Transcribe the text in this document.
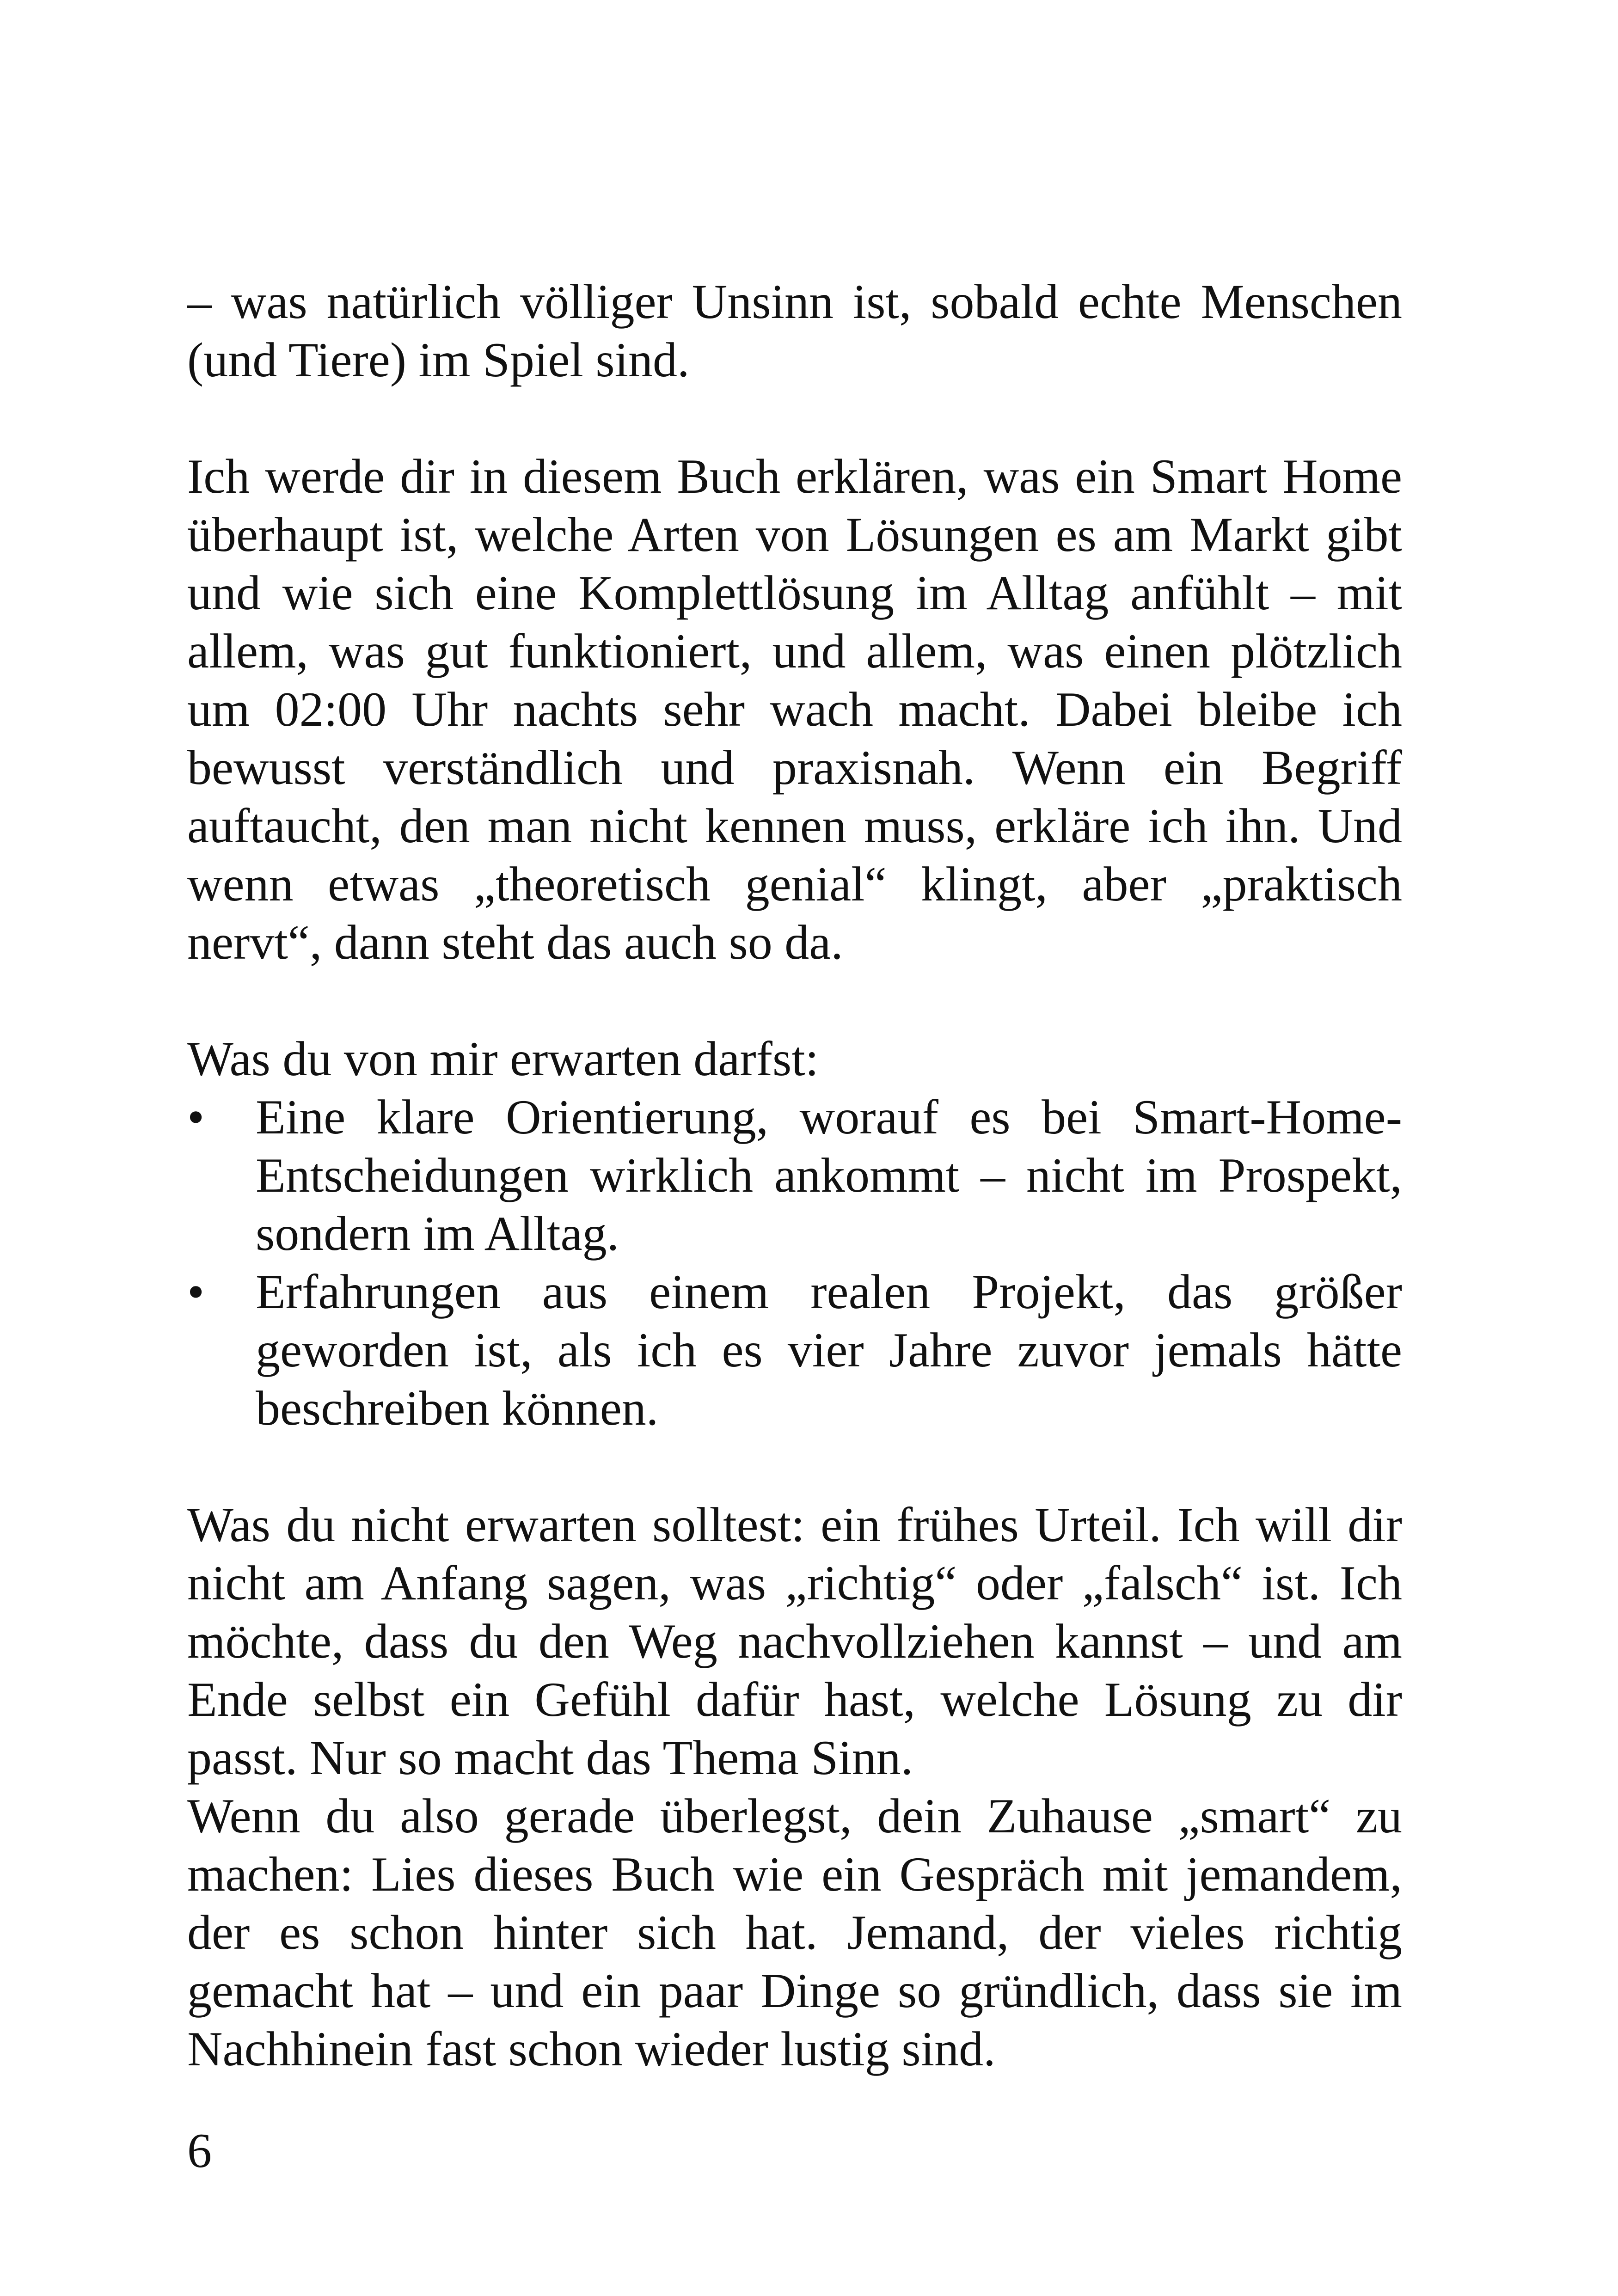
– was natürlich völliger Unsinn ist, sobald echte Menschen (und Tiere) im Spiel sind.

Ich werde dir in diesem Buch erklären, was ein Smart Home überhaupt ist, welche Arten von Lösungen es am Markt gibt und wie sich eine Komplettlösung im Alltag anfühlt – mit allem, was gut funktioniert, und allem, was einen plötzlich um 02:00 Uhr nachts sehr wach macht. Dabei bleibe ich bewusst verständlich und praxisnah. Wenn ein Begriff auftaucht, den man nicht kennen muss, erkläre ich ihn. Und wenn etwas „theoretisch genial“ klingt, aber „praktisch nervt“, dann steht das auch so da.

Was du von mir erwarten darfst:

•	Eine klare Orientierung, worauf es bei Smart-Home-Entscheidungen wirklich ankommt – nicht im Prospekt, sondern im Alltag.
•	Erfahrungen aus einem realen Projekt, das größer geworden ist, als ich es vier Jahre zuvor jemals hätte beschreiben können.

Was du nicht erwarten solltest: ein frühes Urteil. Ich will dir nicht am Anfang sagen, was „richtig“ oder „falsch“ ist. Ich möchte, dass du den Weg nachvollziehen kannst – und am Ende selbst ein Gefühl dafür hast, welche Lösung zu dir passt. Nur so macht das Thema Sinn.

Wenn du also gerade überlegst, dein Zuhause „smart“ zu machen: Lies dieses Buch wie ein Gespräch mit jemandem, der es schon hinter sich hat. Jemand, der vieles richtig gemacht hat – und ein paar Dinge so gründlich, dass sie im Nachhinein fast schon wieder lustig sind.

6
